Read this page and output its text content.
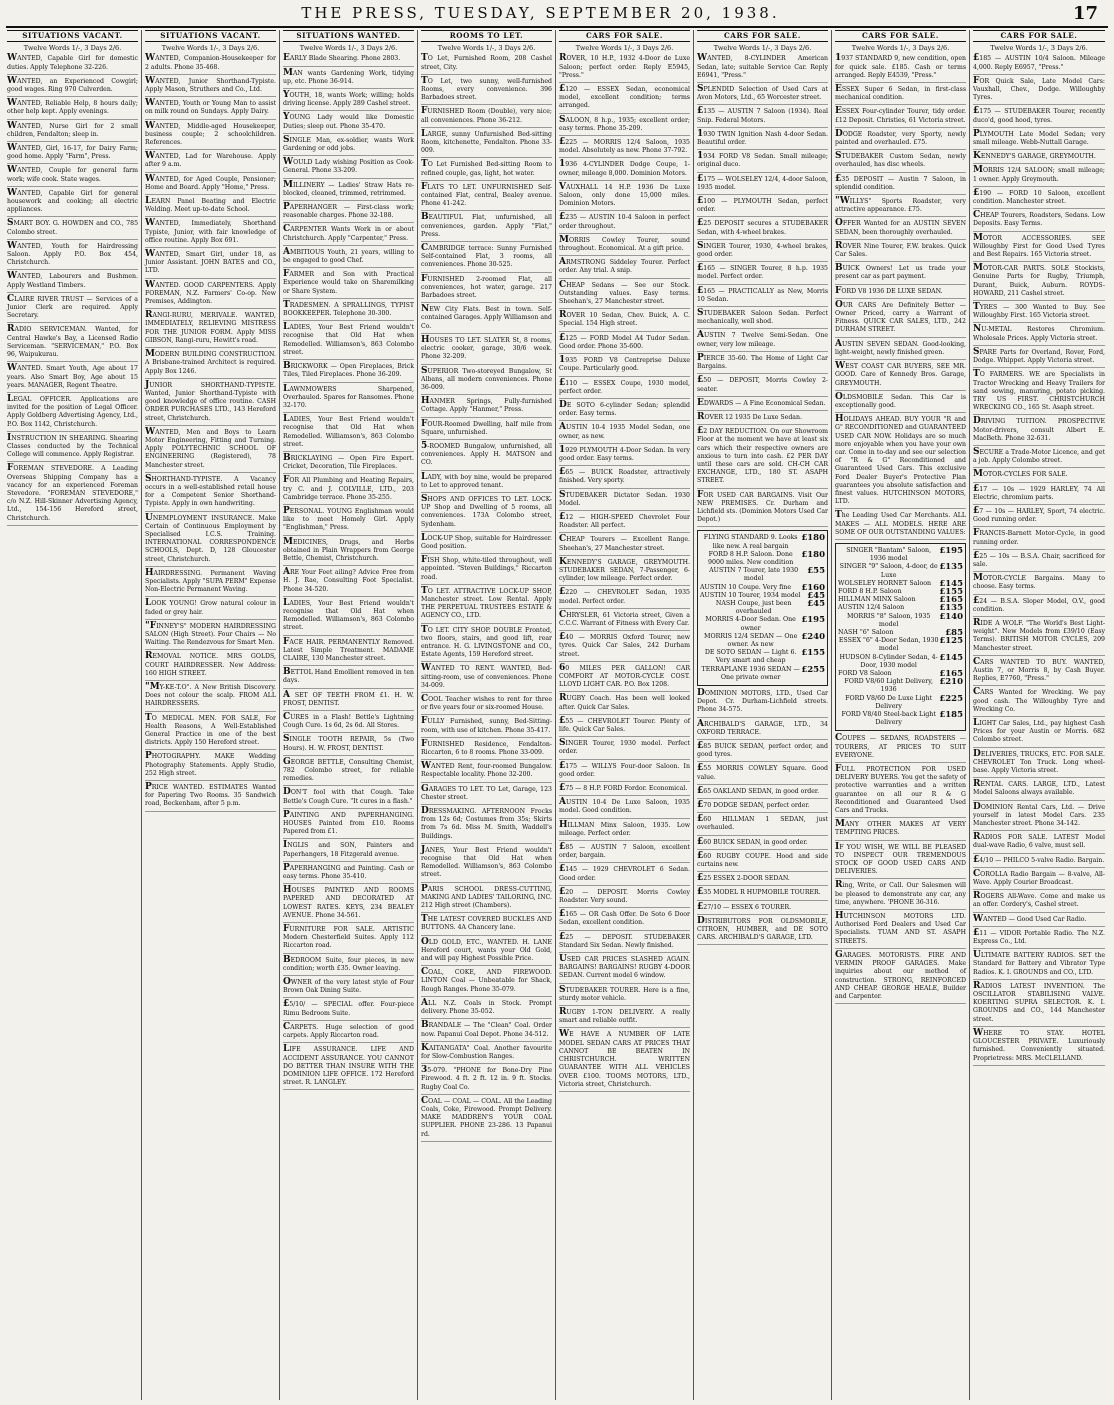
THE PRESS, TUESDAY, SEPTEMBER 20, 1938.	17
SITUATIONS VACANT.
Twelve Words 1/-, 3 Days 2/6.
WANTED, Capable Girl for domestic duties. Apply Telephone 32-226.
WANTED, an Experienced Cowgirl; good wages. Ring 970 Culverden.
WANTED, Reliable Help, 8 hours daily; other help kept. Apply evenings.
WANTED, Nurse Girl for 2 small children, Fendalton; sleep in.
WANTED, Girl, 16-17, for Dairy Farm; good home. Apply "Farm", Press.
WANTED, Couple for general farm work; wife cook. State wages.
WANTED, Capable Girl for general housework and cooking; all electric appliances.
SMART BOY. G. HOWDEN and CO., 785 Colombo street.
WANTED, Youth for Hairdressing Saloon. Apply P.O. Box 454, Christchurch.
WANTED, Labourers and Bushmen. Apply Westland Timbers.
CLAIRE RIVER TRUST — Services of a Junior Clerk are required. Apply Secretary.
RADIO SERVICEMAN. Wanted, for Central Hawke's Bay, a Licensed Radio Serviceman. "SERVICEMAN," P.O. Box 96, Waipukurau.
WANTED. Smart Youth, Age about 17 years. Also Smart Boy, Age about 15 years. MANAGER, Regent Theatre.
LEGAL OFFICER. Applications are invited for the position of Legal Officer. Apply Goldberg Advertising Agency, Ltd., P.O. Box 1142, Christchurch.
INSTRUCTION IN SHEARING. Shearing Classes conducted by the Technical College will commence. Apply Registrar.
FOREMAN STEVEDORE. A Leading Overseas Shipping Company has a vacancy for an experienced Foreman Stevedore. "FOREMAN STEVEDORE," c/o N.Z. Hill-Skinner Advertising Agency, Ltd., 154-156 Hereford street, Christchurch.
SITUATIONS VACANT.
Twelve Words 1/-, 3 Days 2/6.
WANTED, Companion-Housekeeper for 2 adults. Phone 35-468.
WANTED, Junior Shorthand-Typiste. Apply Mason, Struthers and Co., Ltd.
WANTED, Youth or Young Man to assist on milk round on Sundays. Apply Dairy.
WANTED, Middle-aged Housekeeper, business couple; 2 schoolchildren. References.
WANTED, Lad for Warehouse. Apply after 9 a.m.
WANTED, for Aged Couple, Pensioner; Home and Board. Apply "Home," Press.
LEARN Panel Beating and Electric Welding. Meet up-to-date School.
WANTED, Immediately, Shorthand Typiste, Junior, with fair knowledge of office routine. Apply Box 691.
WANTED, Smart Girl, under 18, as Junior Assistant. JOHN BATES and CO., LTD.
WANTED. GOOD CARPENTERS. Apply FOREMAN, N.Z. Farmers' Co-op. New Premises, Addington.
RANGI-RURU, MERIVALE. WANTED, IMMEDIATELY, RELIEVING MISTRESS FOR THE JUNIOR FORM. Apply MISS GIBSON, Rangi-ruru, Hewitt's road.
MODERN BUILDING CONSTRUCTION. A Brisbane-trained Architect is required. Apply Box 1246.
JUNIOR SHORTHAND-TYPISTE. Wanted, Junior Shorthand-Typiste with good knowledge of office routine. CASH ORDER PURCHASES LTD., 143 Hereford street, Christchurch.
WANTED, Men and Boys to Learn Motor Engineering, Fitting and Turning. Apply POLYTECHNIC SCHOOL OF ENGINEERING (Registered), 78 Manchester street.
SHORTHAND-TYPISTE. A Vacancy occurs in a well-established retail house for a Competent Senior Shorthand-Typiste. Apply in own handwriting.
UNEMPLOYMENT INSURANCE. Make Certain of Continuous Employment by Specialised I.C.S. Training. INTERNATIONAL CORRESPONDENCE SCHOOLS, Dept. D, 128 Gloucester street, Christchurch.
HAIRDRESSING. Permanent Waving Specialists. Apply "SUPA PERM" Expense Non-Electric Permanent Waving.
LOOK YOUNG! Grow natural colour in faded or grey hair.
"FINNEY'S" MODERN HAIRDRESSING SALON (High Street). Four Chairs — No Waiting. The Rendezvous for Smart Men.
REMOVAL NOTICE. MRS GOLDS, COURT HAIRDRESSER. New Address: 160 HIGH STREET.
"MY-KE-T.O". A New British Discovery. Does not colour the scalp. FROM ALL HAIRDRESSERS.
TO MEDICAL MEN. FOR SALE, For Health Reasons, A Well-Established General Practice in one of the best districts. Apply 150 Hereford street.
PHOTOGRAPHY. MAKE Wedding Photography Statements. Apply Studio, 252 High street.
PRICE WANTED. ESTIMATES Wanted for Papering Two Rooms. 35 Sandwich road, Beckenham, after 5 p.m.
SITUATIONS WANTED.
Twelve Words 1/-, 3 Days 2/6.
EARLY Blade Shearing. Phone 2803.
MAN wants Gardening Work, tidying up, etc. Phone 36-914.
YOUTH, 18, wants Work; willing; holds driving license. Apply 289 Cashel street.
YOUNG Lady would like Domestic Duties; sleep out. Phone 35-470.
SINGLE Man, ex-soldier, wants Work Gardening or odd jobs.
WOULD Lady wishing Position as Cook-General. Phone 33-209.
MILLINERY — Ladies' Straw Hats re-blocked, cleaned, trimmed, retrimmed.
PAPERHANGER — First-class work; reasonable charges. Phone 32-188.
CARPENTER Wants Work in or about Christchurch. Apply "Carpenter," Press.
AMBITIOUS Youth, 21 years, willing to be engaged to good Chef.
FARMER and Son with Practical Experience would take on Sharemilking or Share System.
TRADESMEN. A SPRALLINGS, TYPIST BOOKKEEPER. Telephone 30-300.
LADIES, Your Best Friend wouldn't recognise that Old Hat when Remodelled. Williamson's, 863 Colombo street.
BRICKWORK — Open Fireplaces, Brick Tiles, Tiled Fireplaces. Phone 36-209.
LAWNMOWERS Sharpened, Overhauled. Spares for Ransomes. Phone 32-170.
LADIES, Your Best Friend wouldn't recognise that Old Hat when Remodelled. Williamson's, 863 Colombo street.
BRICKLAYING — Open Fire Expert. Cricket, Decoration, Tile Fireplaces.
FOR All Plumbing and Heating Repairs, try C. and J. COLVILLE, LTD., 203 Cambridge terrace. Phone 35-255.
PERSONAL. YOUNG Englishman would like to meet Homely Girl. Apply "Englishman," Press.
MEDICINES, Drugs, and Herbs obtained in Plain Wrappers from George Bettle, Chemist, Christchurch.
ARE Your Feet ailing? Advice Free from H. J. Rae, Consulting Foot Specialist. Phone 34-520.
LADIES, Your Best Friend wouldn't recognise that Old Hat when Remodelled. Williamson's, 863 Colombo street.
FACE HAIR. PERMANENTLY Removed. Latest Simple Treatment. MADAME CLAIRE, 130 Manchester street.
BETTOL Hand Emollient removed in ten days.
A SET OF TEETH FROM £1. H. W. FROST, DENTIST.
CURES in a Flash! Bettle's Lightning Cough Cure. 1s 6d, 2s 6d. All Stores.
SINGLE TOOTH REPAIR, 5s (Two Hours). H. W. FROST, DENTIST.
GEORGE BETTLE, Consulting Chemist, 782 Colombo street, for reliable remedies.
DON'T fool with that Cough. Take Bettle's Cough Cure. "It cures in a flash."
PAINTING AND PAPERHANGING. HOUSES Painted from £10. Rooms Papered from £1.
INGLIS and SON, Painters and Paperhangers, 18 Fitzgerald avenue.
PAPERHANGING and Painting. Cash or easy terms. Phone 35-410.
HOUSES PAINTED AND ROOMS PAPERED AND DECORATED AT LOWEST RATES. KEYS, 234 BEALEY AVENUE. Phone 34-561.
FURNITURE FOR SALE. ARTISTIC Modern Chesterfield Suites. Apply 112 Riccarton road.
BEDROOM Suite, four pieces, in new condition; worth £35. Owner leaving.
OWNER of the very latest style of Four Brown Oak Dining Suite.
£5/10/ — SPECIAL offer. Four-piece Rimu Bedroom Suite.
CARPETS. Huge selection of good carpets. Apply Riccarton road.
LIFE ASSURANCE. LIFE AND ACCIDENT ASSURANCE. YOU CANNOT DO BETTER THAN INSURE WITH THE DOMINION LIFE OFFICE. 172 Hereford street. R. LANGLEY.
ROOMS TO LET.
Twelve Words 1/-, 3 Days 2/6.
TO Let, Furnished Room, 208 Cashel street, City.
TO Let, two sunny, well-furnished Rooms, every convenience. 396 Barbadoes street.
FURNISHED Room (Double), very nice; all conveniences. Phone 36-212.
LARGE, sunny Unfurnished Bed-sitting Room, kitchenette, Fendalton. Phone 33-009.
TO Let Furnished Bed-sitting Room to refined couple, gas, light, hot water.
FLATS TO LET. UNFURNISHED Self-contained Flat, central, Bealey avenue. Phone 41-242.
BEAUTIFUL Flat, unfurnished, all conveniences, garden. Apply "Flat," Press.
CAMBRIDGE terrace: Sunny Furnished Self-contained Flat, 3 rooms, all conveniences. Phone 30-525.
FURNISHED 2-roomed Flat, all conveniences, hot water, garage. 217 Barbadoes street.
NEW City Flats. Best in town. Self-contained Garages. Apply Williamson and Co.
HOUSES TO LET. SLATER St, 8 rooms, electric cooker, garage, 30/6 week. Phone 32-209.
SUPERIOR Two-storeyed Bungalow, St Albans, all modern conveniences. Phone 36-009.
HANMER Springs, Fully-furnished Cottage. Apply "Hanmer," Press.
FOUR-Roomed Dwelling, half mile from Square, unfurnished.
5-ROOMED Bungalow, unfurnished, all conveniences. Apply H. MATSON and CO.
LADY, with boy nine, would be prepared to Let to approved tenant.
SHOPS AND OFFICES TO LET. LOCK-UP Shop and Dwelling of 5 rooms, all conveniences. 173A Colombo street, Sydenham.
LOCK-UP Shop, suitable for Hairdresser. Good position.
FISH Shop, white-tiled throughout, well appointed. "Steven Buildings," Riccarton road.
TO LET. ATTRACTIVE LOCK-UP SHOP, Manchester street. Low Rental. Apply THE PERPETUAL TRUSTEES ESTATE & AGENCY CO., LTD.
TO LET. CITY SHOP. DOUBLE Fronted, two floors, stairs, and good lift, rear entrance. H. G. LIVINGSTONE and CO., Estate Agents, 159 Hereford street.
WANTED TO RENT. WANTED, Bed-sitting-room, use of conveniences. Phone 34-009.
COOL Teacher wishes to rent for three or five years four or six-roomed House.
FULLY Furnished, sunny, Bed-Sitting-room, with use of kitchen. Phone 35-417.
FURNISHED Residence, Fendalton-Riccarton, 6 to 8 rooms. Phone 33-009.
WANTED Rent, four-roomed Bungalow. Respectable locality. Phone 32-200.
GARAGES TO LET. TO Let, Garage, 123 Chester street.
DRESSMAKING. AFTERNOON Frocks from 12s 6d; Costumes from 35s; Skirts from 7s 6d. Miss M. Smith, Waddell's Buildings.
JANES, Your Best Friend wouldn't recognise that Old Hat when Remodelled. Williamson's, 863 Colombo street.
PARIS SCHOOL DRESS-CUTTING, MAKING AND LADIES' TAILORING, INC. 212 High street (Chambers).
THE LATEST COVERED BUCKLES AND BUTTONS. 4A Chancery lane.
OLD GOLD, ETC., WANTED. H. LANE Hereford court, wants your Old Gold, and will pay Highest Possible Price.
COAL, COKE, AND FIREWOOD. LINTON Coal — Unbeatable for Shack, Rough Ranges. Phone 35-079.
ALL N.Z. Coals in Stock. Prompt delivery. Phone 35-052.
BRANDALE — The "Clean" Coal. Order now. Papanui Coal Depot. Phone 34-512.
KAITANGATA" Coal. Another favourite for Slow-Combustion Ranges.
35-079. "PHONE for Bone-Dry Pine Firewood. 4 ft. 2 ft. 12 in. 9 ft. Stocks. Rugby Coal Co.
COAL — COAL — COAL. All the Leading Coals, Coke, Firewood. Prompt Delivery. MAKE MADDREN'S YOUR COAL SUPPLIER. PHONE 23-286. 13 Papanui rd.
CARS FOR SALE.
Twelve Words 1/-, 3 Days 2/6.
ROVER, 10 H.P., 1932 4-Door de Luxe Saloon; perfect order. Reply E5945, "Press."
£120 — ESSEX Sedan, economical model, excellent condition; terms arranged.
SALOON, 8 h.p., 1935; excellent order; easy terms. Phone 35-209.
£225 — MORRIS 12/4 Saloon, 1935 model. Absolutely as new. Phone 37-792.
1936 4-CYLINDER Dodge Coupe, 1-owner, mileage 8,000. Dominion Motors.
VAUXHALL 14 H.P. 1936 De Luxe Saloon, only done 15,000 miles. Dominion Motors.
£235 — AUSTIN 10-4 Saloon in perfect order throughout.
MORRIS Cowley Tourer, sound throughout. Economical. At a gift price.
ARMSTRONG Siddeley Tourer. Perfect order. Any trial. A snip.
CHEAP Sedans — See our Stock. Outstanding values. Easy terms. Sheehan's, 27 Manchester street.
ROVER 10 Sedan, Chev. Buick, A. C. Special. 154 High street.
£125 — FORD Model A4 Tudor Sedan. Good order. Phone 35-600.
1935 FORD V8 Centreprise Deluxe Coupe. Particularly good.
£110 — ESSEX Coupe, 1930 model, perfect order.
DE SOTO 6-cylinder Sedan; splendid order. Easy terms.
AUSTIN 10-4 1935 Model Sedan, one owner, as new.
1929 PLYMOUTH 4-Door Sedan. In very good order. Easy terms.
£65 — BUICK Roadster, attractively finished. Very sporty.
STUDEBAKER Dictator Sedan. 1930 Model.
£12 — HIGH-SPEED Chevrolet Four Roadster. All perfect.
CHEAP Tourers — Excellent Range. Sheehan's, 27 Manchester street.
KENNEDY'S GARAGE, GREYMOUTH. STUDEBAKER SEDAN, 7-Passenger, 6-cylinder, low mileage. Perfect order.
£220 — CHEVROLET Sedan, 1935 model. Perfect order.
CHRYSLER, 61 Victoria street, Given a C.C.C. Warrant of Fitness with Every Car.
£40 — MORRIS Oxford Tourer, new tyres. Quick Car Sales, 242 Durham street.
60 MILES PER GALLON! CAR COMFORT AT MOTOR-CYCLE COST. LLOYD LIGHT CAR. P.O. Box 1208.
RUGBY Coach. Has been well looked after. Quick Car Sales.
£55 — CHEVROLET Tourer. Plenty of life. Quick Car Sales.
SINGER Tourer, 1930 model. Perfect order.
£175 — WILLYS Four-door Saloon. In good order.
£75 — 8 H.P. FORD Fordor. Economical.
AUSTIN 10-4 De Luxe Saloon, 1935 model. Good condition.
HILLMAN Minx Saloon, 1935. Low mileage. Perfect order.
£85 — AUSTIN 7 Saloon, excellent order, bargain.
£145 — 1929 CHEVROLET 6 Sedan. Good order.
£20 — DEPOSIT. Morris Cowley Roadster. Very sound.
£165 — OR Cash Offer. De Soto 6 Door Sedan, excellent condition.
£25 — DEPOSIT. STUDEBAKER Standard Six Sedan. Newly finished.
USED CAR PRICES SLASHED AGAIN. BARGAINS! BARGAINS! RUGBY 4-DOOR SEDAN. Current model 6 window.
STUDEBAKER TOURER. Here is a fine, sturdy motor vehicle.
RUGBY 1-TON DELIVERY. A really smart and reliable outfit.
WE HAVE A NUMBER OF LATE MODEL SEDAN CARS AT PRICES THAT CANNOT BE BEATEN IN CHRISTCHURCH. WRITTEN GUARANTEE WITH ALL VEHICLES OVER £100. TOOMS MOTORS, LTD., Victoria street, Christchurch.
CARS FOR SALE.
Twelve Words 1/-, 3 Days 2/6.
WANTED, 8-CYLINDER American Sedan, late; suitable Service Car. Reply E6941, "Press."
SPLENDID Selection of Used Cars at Avon Motors, Ltd., 65 Worcester street.
£135 — AUSTIN 7 Saloon (1934). Real Snip. Federal Motors.
1930 TWIN Ignition Nash 4-door Sedan. Beautiful order.
1934 FORD V8 Sedan. Small mileage; original duco.
£175 — WOLSELEY 12/4, 4-door Saloon, 1935 model.
£100 — PLYMOUTH Sedan, perfect order.
£25 DEPOSIT secures a STUDEBAKER Sedan, with 4-wheel brakes.
SINGER Tourer, 1930, 4-wheel brakes, good order.
£165 — SINGER Tourer, 8 h.p. 1935 model. Perfect order.
£165 — PRACTICALLY as New, Morris 10 Sedan.
STUDEBAKER Saloon Sedan. Perfect mechanically, well shod.
AUSTIN 7 Twelve Semi-Sedan. One owner, very low mileage.
PIERCE 35-60. The Home of Light Car Bargains.
£50 — DEPOSIT, Morris Cowley 2-seater.
EDWARDS — A Fine Economical Sedan.
ROVER 12 1935 De Luxe Sedan.
£2 DAY REDUCTION. On our Showroom Floor at the moment we have at least six cars which their respective owners are anxious to turn into cash. £2 PER DAY until these cars are sold. CH-CH CAR EXCHANGE, LTD., 180 ST. ASAPH STREET.
FOR USED CAR BARGAINS. Visit Our NEW PREMISES. Cr. Durham and Lichfield sts. (Dominion Motors Used Car Depot.)
FLYING STANDARD 9. Looks like new. A real bargain
£180
FORD 8 H.P. Saloon. Done 9000 miles. New condition
£180
AUSTIN 7 Tourer, late 1930 model
£55
AUSTIN 10 Coupe. Very fine £160
AUSTIN 10 Tourer, 1934 model £45
NASH Coupe, just been overhauled
£45
MORRIS 4-Door Sedan. One owner
£195
MORRIS 12/4 SEDAN — One owner. As new
£240
DE SOTO SEDAN — Light 6. Very smart and cheap
£155
TERRAPLANE 1936 SEDAN — One private owner
£255
DOMINION MOTORS, LTD., Used Car Depot. Cr. Durham-Lichfield streets. Phone 34-575.
ARCHIBALD'S GARAGE, LTD., 34 OXFORD TERRACE.
£85 BUICK SEDAN, perfect order, and good tyres.
£55 MORRIS COWLEY Square. Good value.
£65 OAKLAND SEDAN, in good order.
£70 DODGE SEDAN, perfect order.
£60 HILLMAN 1 SEDAN, just overhauled.
£60 BUICK SEDAN, in good order.
£60 RUGBY COUPE. Hood and side curtains new.
£25 ESSEX 2-DOOR SEDAN.
£35 MODEL R HUPMOBILE TOURER.
£27/10 — ESSEX 6 TOURER.
DISTRIBUTORS FOR OLDSMOBILE, CITROEN, HUMBER, and DE SOTO CARS. ARCHIBALD'S GARAGE, LTD.
CARS FOR SALE.
Twelve Words 1/-, 3 Days 2/6.
1937 STANDARD 9, new condition, open for quick sale. £185. Cash or terms arranged. Reply E4539, "Press."
ESSEX Super 6 Sedan, in first-class mechanical condition.
ESSEX Four-cylinder Tourer, tidy order. £12 Deposit. Christies, 61 Victoria street.
DODGE Roadster, very Sporty, newly painted and overhauled. £75.
STUDEBAKER Custom Sedan, newly overhauled, has disc wheels.
£35 DEPOSIT — Austin 7 Saloon, in splendid condition.
"WILLYS" Sports Roadster, very attractive appearance. £75.
OFFER Wanted for an AUSTIN SEVEN SEDAN, been thoroughly overhauled.
ROVER Nine Tourer, F.W. brakes. Quick Car Sales.
BUICK Owners! Let us trade your present car as part payment.
FORD V8 1936 DE LUXE SEDAN.
OUR CARS Are Definitely Better — Owner Priced, carry a Warrant of Fitness. QUICK CAR SALES, LTD., 242 DURHAM STREET.
AUSTIN SEVEN SEDAN. Good-looking, light-weight, newly finished green.
WEST COAST CAR BUYERS, SEE MR. GOOD. Care of Kennedy Bros. Garage, GREYMOUTH.
OLDSMOBILE Sedan. This Car is exceptionally good.
HOLIDAYS AHEAD. BUY YOUR "R and G" RECONDITIONED and GUARANTEED USED CAR NOW. Holidays are so much more enjoyable when you have your own car. Come in to-day and see our selection of "R & G" Reconditioned and Guaranteed Used Cars. This exclusive Ford Dealer Buyer's Protective Plan guarantees you absolute satisfaction and finest values. HUTCHINSON MOTORS, LTD.
The Leading Used Car Merchants. ALL MAKES — ALL MODELS. HERE ARE SOME OF OUR OUTSTANDING VALUES:
SINGER "Bantam" Saloon, 1936 model
£195
SINGER "9" Saloon, 4-door, de Luxe
£135
WOLSELEY HORNET Saloon £145
FORD 8 H.P. Saloon	£155
HILLMAN MINX Saloon	£165
AUSTIN 12/4 Saloon	£135
MORRIS "8" Saloon, 1935 model
£140
NASH "6" Saloon	£85
ESSEX "6" 4-Door Sedan, 1930 model
£125
HUDSON 8-Cylinder Sedan, 4-Door, 1930 model
£145
FORD V8 Saloon	£165
FORD V8/60 Light Delivery, 1936
£210
FORD V8/60 De Luxe Light Delivery
£225
FORD V8/40 Steel-back Light Delivery
£185
COUPES — SEDANS, ROADSTERS — TOURERS, AT PRICES TO SUIT EVERYONE.
FULL PROTECTION FOR USED DELIVERY BUYERS. You get the safety of protective warranties and a written guarantee on all our R & G Reconditioned and Guaranteed Used Cars and Trucks.
MANY OTHER MAKES AT VERY TEMPTING PRICES.
IF YOU WISH, WE WILL BE PLEASED TO INSPECT OUR TREMENDOUS STOCK OF GOOD USED CARS AND DELIVERIES.
Ring, Write, or Call. Our Salesmen will be pleased to demonstrate any car, any time, anywhere. 'PHONE 36-316.
HUTCHINSON MOTORS LTD. Authorised Ford Dealers and Used Car Specialists. TUAM AND ST. ASAPH STREETS.
GARAGES. MOTORISTS. FIRE AND VERMIN PROOF GARAGES. Make inquiries about our method of construction. STRONG, REINFORCED AND CHEAP. GEORGE HEALE, Builder and Carpenter.
CARS FOR SALE.
Twelve Words 1/-, 3 Days 2/6.
£185 — AUSTIN 10/4 Saloon. Mileage 4,000. Reply E6957, "Press."
FOR Quick Sale, Late Model Cars: Vauxhall, Chev., Dodge. Willoughby Tyres.
£175 — STUDEBAKER Tourer, recently duco'd, good hood, tyres.
PLYMOUTH Late Model Sedan; very small mileage. Webb-Nuttall Garage.
KENNEDY'S GARAGE, GREYMOUTH.
MORRIS 12/4 SALOON; small mileage; 1 owner. Apply Greymouth.
£190 — FORD 10 Saloon, excellent condition. Manchester street.
CHEAP Tourers, Roadsters, Sedans. Low Deposits. Easy Terms.
MOTOR ACCESSORIES. SEE Willoughby First for Good Used Tyres and Best Repairs. 165 Victoria street.
MOTOR-CAR PARTS. SOLE Stockists, Genuine Parts for Rugby, Triumph, Durant, Buick, Auburn. ROYDS-HOWARD, 211 Cashel street.
TYRES — 300 Wanted to Buy. See Willoughby First. 165 Victoria street.
NU-METAL Restores Chromium. Wholesale Prices. Apply Victoria street.
SPARE Parts for Overland, Rover, Ford, Dodge. Whippet. Apply Victoria street.
TO FARMERS. WE are Specialists in Tractor Wrecking and Heavy Trailers for sand sowing, manuring, potato picking. TRY US FIRST. CHRISTCHURCH WRECKING CO., 165 St. Asaph street.
DRIVING TUITION. PROSPECTIVE Motor-drivers, consult Albert E. MacBeth. Phone 32-631.
SECURE a Trade-Motor Licence, and get a job. Apply Colombo street.
MOTOR-CYCLES FOR SALE.
£17 — 10s — 1929 HARLEY, 74 All Electric, chromium parts.
£7 — 10s — HARLEY, Sport, 74 electric. Good running order.
FRANCIS-Barnett Motor-Cycle, in good running order.
£25 — 10s — B.S.A. Chair, sacrificed for sale.
MOTOR-CYCLE Bargains. Many to choose. Easy terms.
£24 — B.S.A. Sloper Model, O.V., good condition.
RIDE A WOLF. "The World's Best Light-weight". New Models from £39/10 (Easy Terms). BRITISH MOTOR CYCLES, 209 Manchester street.
CARS WANTED TO BUY. WANTED, Austin 7, or Morris 8, by Cash Buyer. Replies, E7760, "Press."
CARS Wanted for Wrecking. We pay good cash. The Willoughby Tyre and Wrecking Co.
LIGHT Car Sales, Ltd., pay highest Cash Prices for your Austin or Morris. 682 Colombo street.
DELIVERIES, TRUCKS, ETC. FOR SALE. CHEVROLET Ton Truck. Long wheel-base. Apply Victoria street.
RENTAL CARS. LARGE, LTD., Latest Model Saloons always available.
DOMINION Rental Cars, Ltd. — Drive yourself in latest Model Cars. 235 Manchester street. Phone 34-142.
RADIOS FOR SALE. LATEST Model dual-wave Radio, 6 valve, must sell.
£4/10 — PHILCO 5-valve Radio. Bargain.
COROLLA Radio Bargain — 8-valve, All-Wave. Apply Courier Broadcast.
ROGERS All-Wave. Come and make us an offer. Cordery's, Cashel street.
WANTED — Good Used Car Radio.
£11 — VIDOR Portable Radio. The N.Z. Express Co., Ltd.
ULTIMATE BATTERY RADIOS. SET the Standard for Battery and Vibrator Type Radios. K. I. GROUNDS and CO., LTD.
RADIOS LATEST INVENTION. The OSCILLATOR STABILISING VALVE. KOERTING SUPRA SELECTOR. K. I. GROUNDS and CO., 144 Manchester street.
WHERE TO STAY. HOTEL GLOUCESTER PRIVATE. Luxuriously furnished. Conveniently situated. Proprietress: MRS. McCLELLAND.
